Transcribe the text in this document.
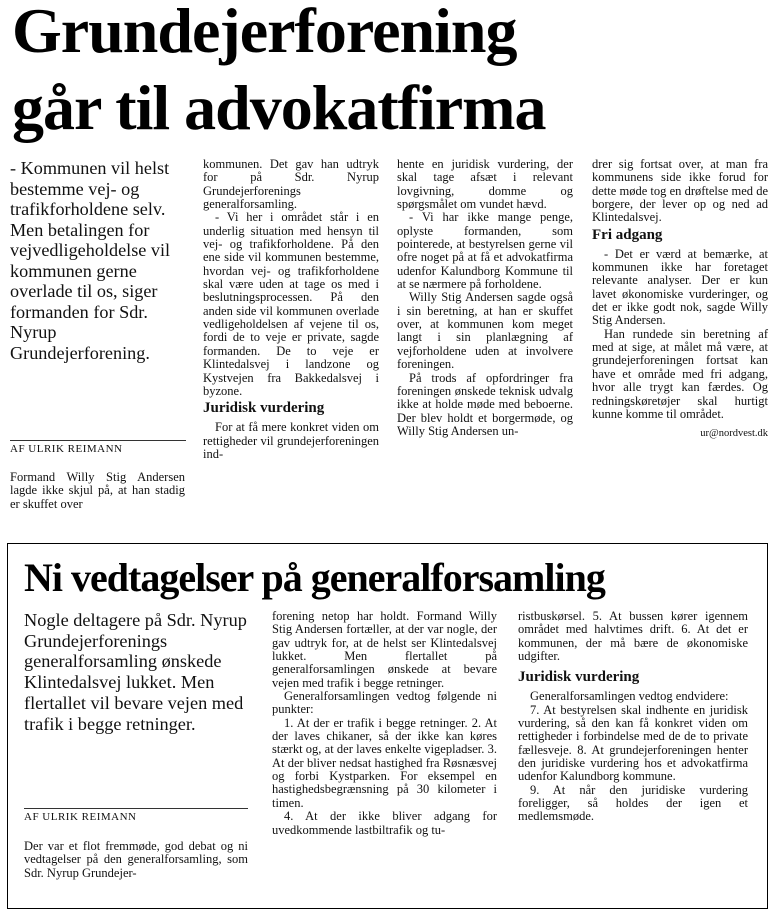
Grundejerforening
går til advokatfirma
- Kommunen vil helst bestemme vej- og trafikforholdene selv. Men betalingen for vejvedligeholdelse vil kommunen gerne overlade til os, siger formanden for Sdr. Nyrup Grundejerforening.
AF ULRIK REIMANN

Formand Willy Stig Andersen lagde ikke skjul på, at han stadig er skuffet over

kommunen. Det gav han udtryk for på Sdr. Nyrup Grundejerforenings generalforsamling.

- Vi her i området står i en underlig situation med hensyn til vej- og trafikforholdene. På den ene side vil kommunen bestemme, hvordan vej- og trafikforholdene skal være uden at tage os med i beslutningsprocessen. På den anden side vil kommunen overlade vedligeholdelsen af vejene til os, fordi de to veje er private, sagde formanden. De to veje er Klintedalsvej i landzone og Kystvejen fra Bakkedalsvej i byzone.

Juridisk vurdering

For at få mere konkret viden om rettigheder vil grundejerforeningen ind-

hente en juridisk vurdering, der skal tage afsæt i relevant lovgivning, domme og spørgsmålet om vundet hævd.

- Vi har ikke mange penge, oplyste formanden, som pointerede, at bestyrelsen gerne vil ofre noget på at få et advokatfirma udenfor Kalundborg Kommune til at se nærmere på forholdene.

Willy Stig Andersen sagde også i sin beretning, at han er skuffet over, at kommunen kom meget langt i sin planlægning af vejforholdene uden at involvere foreningen.

På trods af opfordringer fra foreningen ønskede teknisk udvalg ikke at holde møde med beboerne. Der blev holdt et borgermøde, og Willy Stig Andersen un-

drer sig fortsat over, at man fra kommunens side ikke forud for dette møde tog en drøftelse med de borgere, der lever op og ned ad Klintedalsvej.

Fri adgang

- Det er værd at bemærke, at kommunen ikke har foretaget relevante analyser. Der er kun lavet økonomiske vurderinger, og det er ikke godt nok, sagde Willy Stig Andersen.

Han rundede sin beretning af med at sige, at målet må være, at grundejerforeningen fortsat kan have et område med fri adgang, hvor alle trygt kan færdes. Og redningskøretøjer skal hurtigt kunne komme til området.

ur@nordvest.dk
Ni vedtagelser på generalforsamling
Nogle deltagere på Sdr. Nyrup Grundejerforenings generalforsamling ønskede Klintedalsvej lukket. Men flertallet vil bevare vejen med trafik i begge retninger.
AF ULRIK REIMANN

Der var et flot fremmøde, god debat og ni vedtagelser på den generalforsamling, som Sdr. Nyrup Grundejer-

forening netop har holdt. Formand Willy Stig Andersen fortæller, at der var nogle, der gav udtryk for, at de helst ser Klintedalsvej lukket. Men flertallet på generalforsamlingen ønskede at bevare vejen med trafik i begge retninger.

Generalforsamlingen vedtog følgende ni punkter:

1. At der er trafik i begge retninger. 2. At der laves chikaner, så der ikke kan køres stærkt og, at der laves enkelte vigepladser. 3. At der bliver nedsat hastighed fra Røsnæsvej og forbi Kystparken. For eksempel en hastighedsbegrænsning på 30 kilometer i timen.

4. At der ikke bliver adgang for uvedkommende lastbiltrafik og tu-

ristbuskørsel. 5. At bussen kører igennem området med halvtimes drift. 6. At det er kommunen, der må bære de økonomiske udgifter.

Juridisk vurdering

Generalforsamlingen vedtog endvidere:

7. At bestyrelsen skal indhente en juridisk vurdering, så den kan få konkret viden om rettigheder i forbindelse med de de to private fællesveje. 8. At grundejerforeningen henter den juridiske vurdering hos et advokatfirma udenfor Kalundborg kommune.

9. At når den juridiske vurdering foreligger, så holdes der igen et medlemsmøde.
